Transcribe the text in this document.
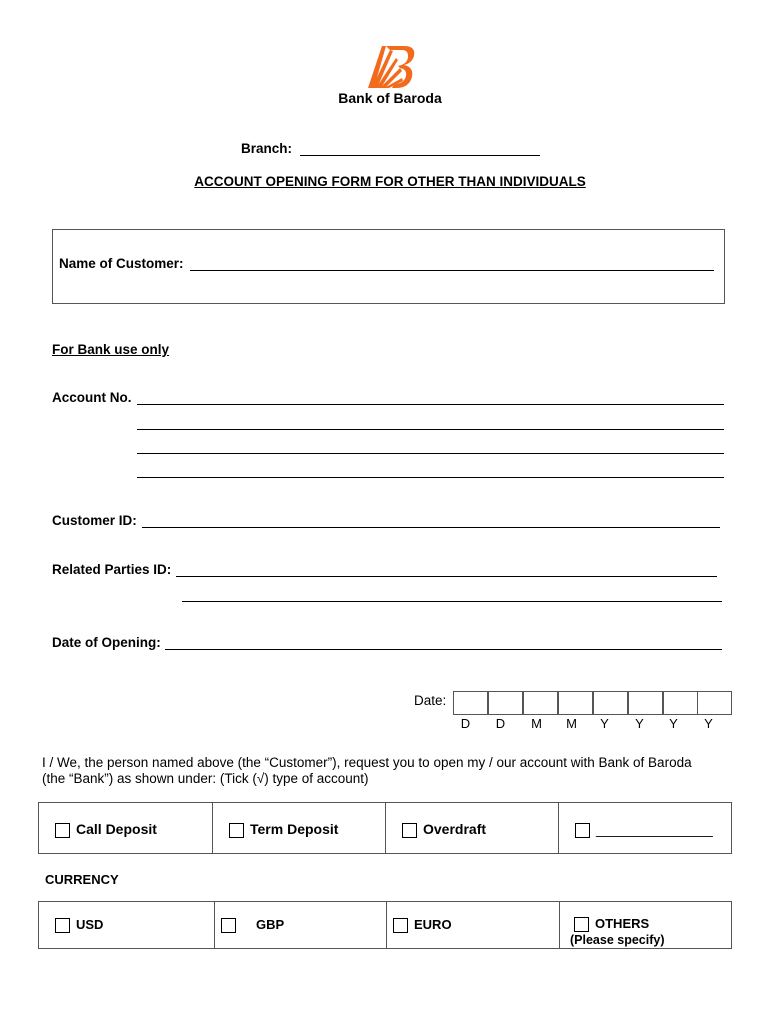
Bank of Baroda
Branch:
ACCOUNT OPENING FORM FOR OTHER THAN INDIVIDUALS
Name of Customer:
For Bank use only
Account No.
Customer ID:
Related Parties ID:
Date of Opening:
Date:
D	D	M	M	Y	Y	Y	Y
I / We, the person named above (the “Customer”), request you to open my / our account with Bank of Baroda
(the “Bank”) as shown under: (Tick (√) type of account)
Call Deposit	Term Deposit	Overdraft	_______________
CURRENCY
USD	GBP	EURO	OTHERS
(Please specify)
